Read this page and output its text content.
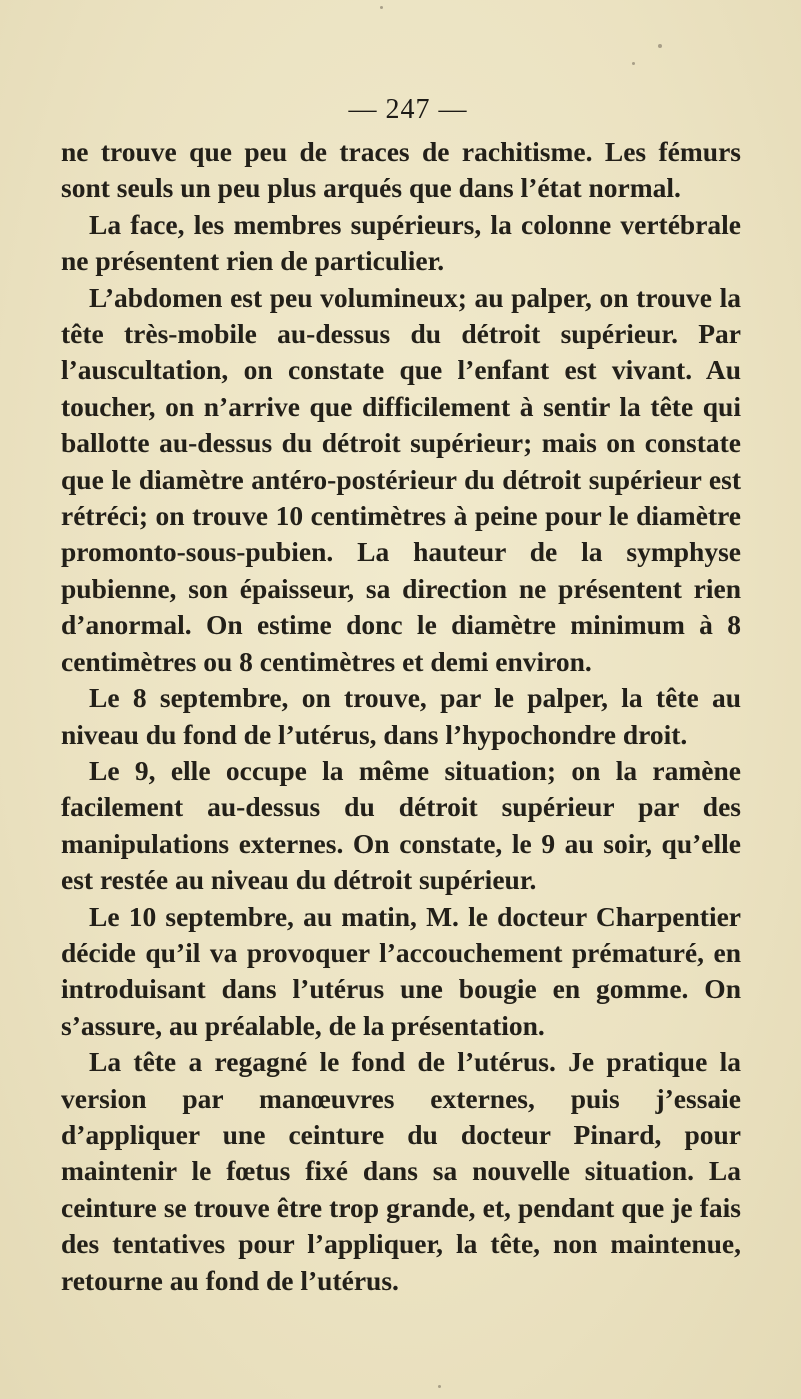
— 247 —

ne trouve que peu de traces de rachitisme. Les fémurs sont seuls un peu plus arqués que dans l’état normal.

La face, les membres supérieurs, la colonne vertébrale ne présentent rien de particulier.

L’abdomen est peu volumineux; au palper, on trouve la tête très-mobile au-dessus du détroit supérieur. Par l’auscultation, on constate que l’enfant est vivant. Au toucher, on n’arrive que difficilement à sentir la tête qui ballotte au-dessus du détroit supérieur; mais on constate que le diamètre antéro-postérieur du détroit supérieur est rétréci; on trouve 10 centimètres à peine pour le diamètre promonto-sous-pubien. La hauteur de la symphyse pubienne, son épaisseur, sa direction ne présentent rien d’anormal. On estime donc le diamètre minimum à 8 centimètres ou 8 centimètres et demi environ.

Le 8 septembre, on trouve, par le palper, la tête au niveau du fond de l’utérus, dans l’hypochondre droit.

Le 9, elle occupe la même situation; on la ramène facilement au-dessus du détroit supérieur par des manipulations externes. On constate, le 9 au soir, qu’elle est restée au niveau du détroit supérieur.

Le 10 septembre, au matin, M. le docteur Charpentier décide qu’il va provoquer l’accouchement prématuré, en introduisant dans l’utérus une bougie en gomme. On s’assure, au préalable, de la présentation.

La tête a regagné le fond de l’utérus. Je pratique la version par manœuvres externes, puis j’essaie d’appliquer une ceinture du docteur Pinard, pour maintenir le fœtus fixé dans sa nouvelle situation. La ceinture se trouve être trop grande, et, pendant que je fais des tentatives pour l’appliquer, la tête, non maintenue, retourne au fond de l’utérus.
